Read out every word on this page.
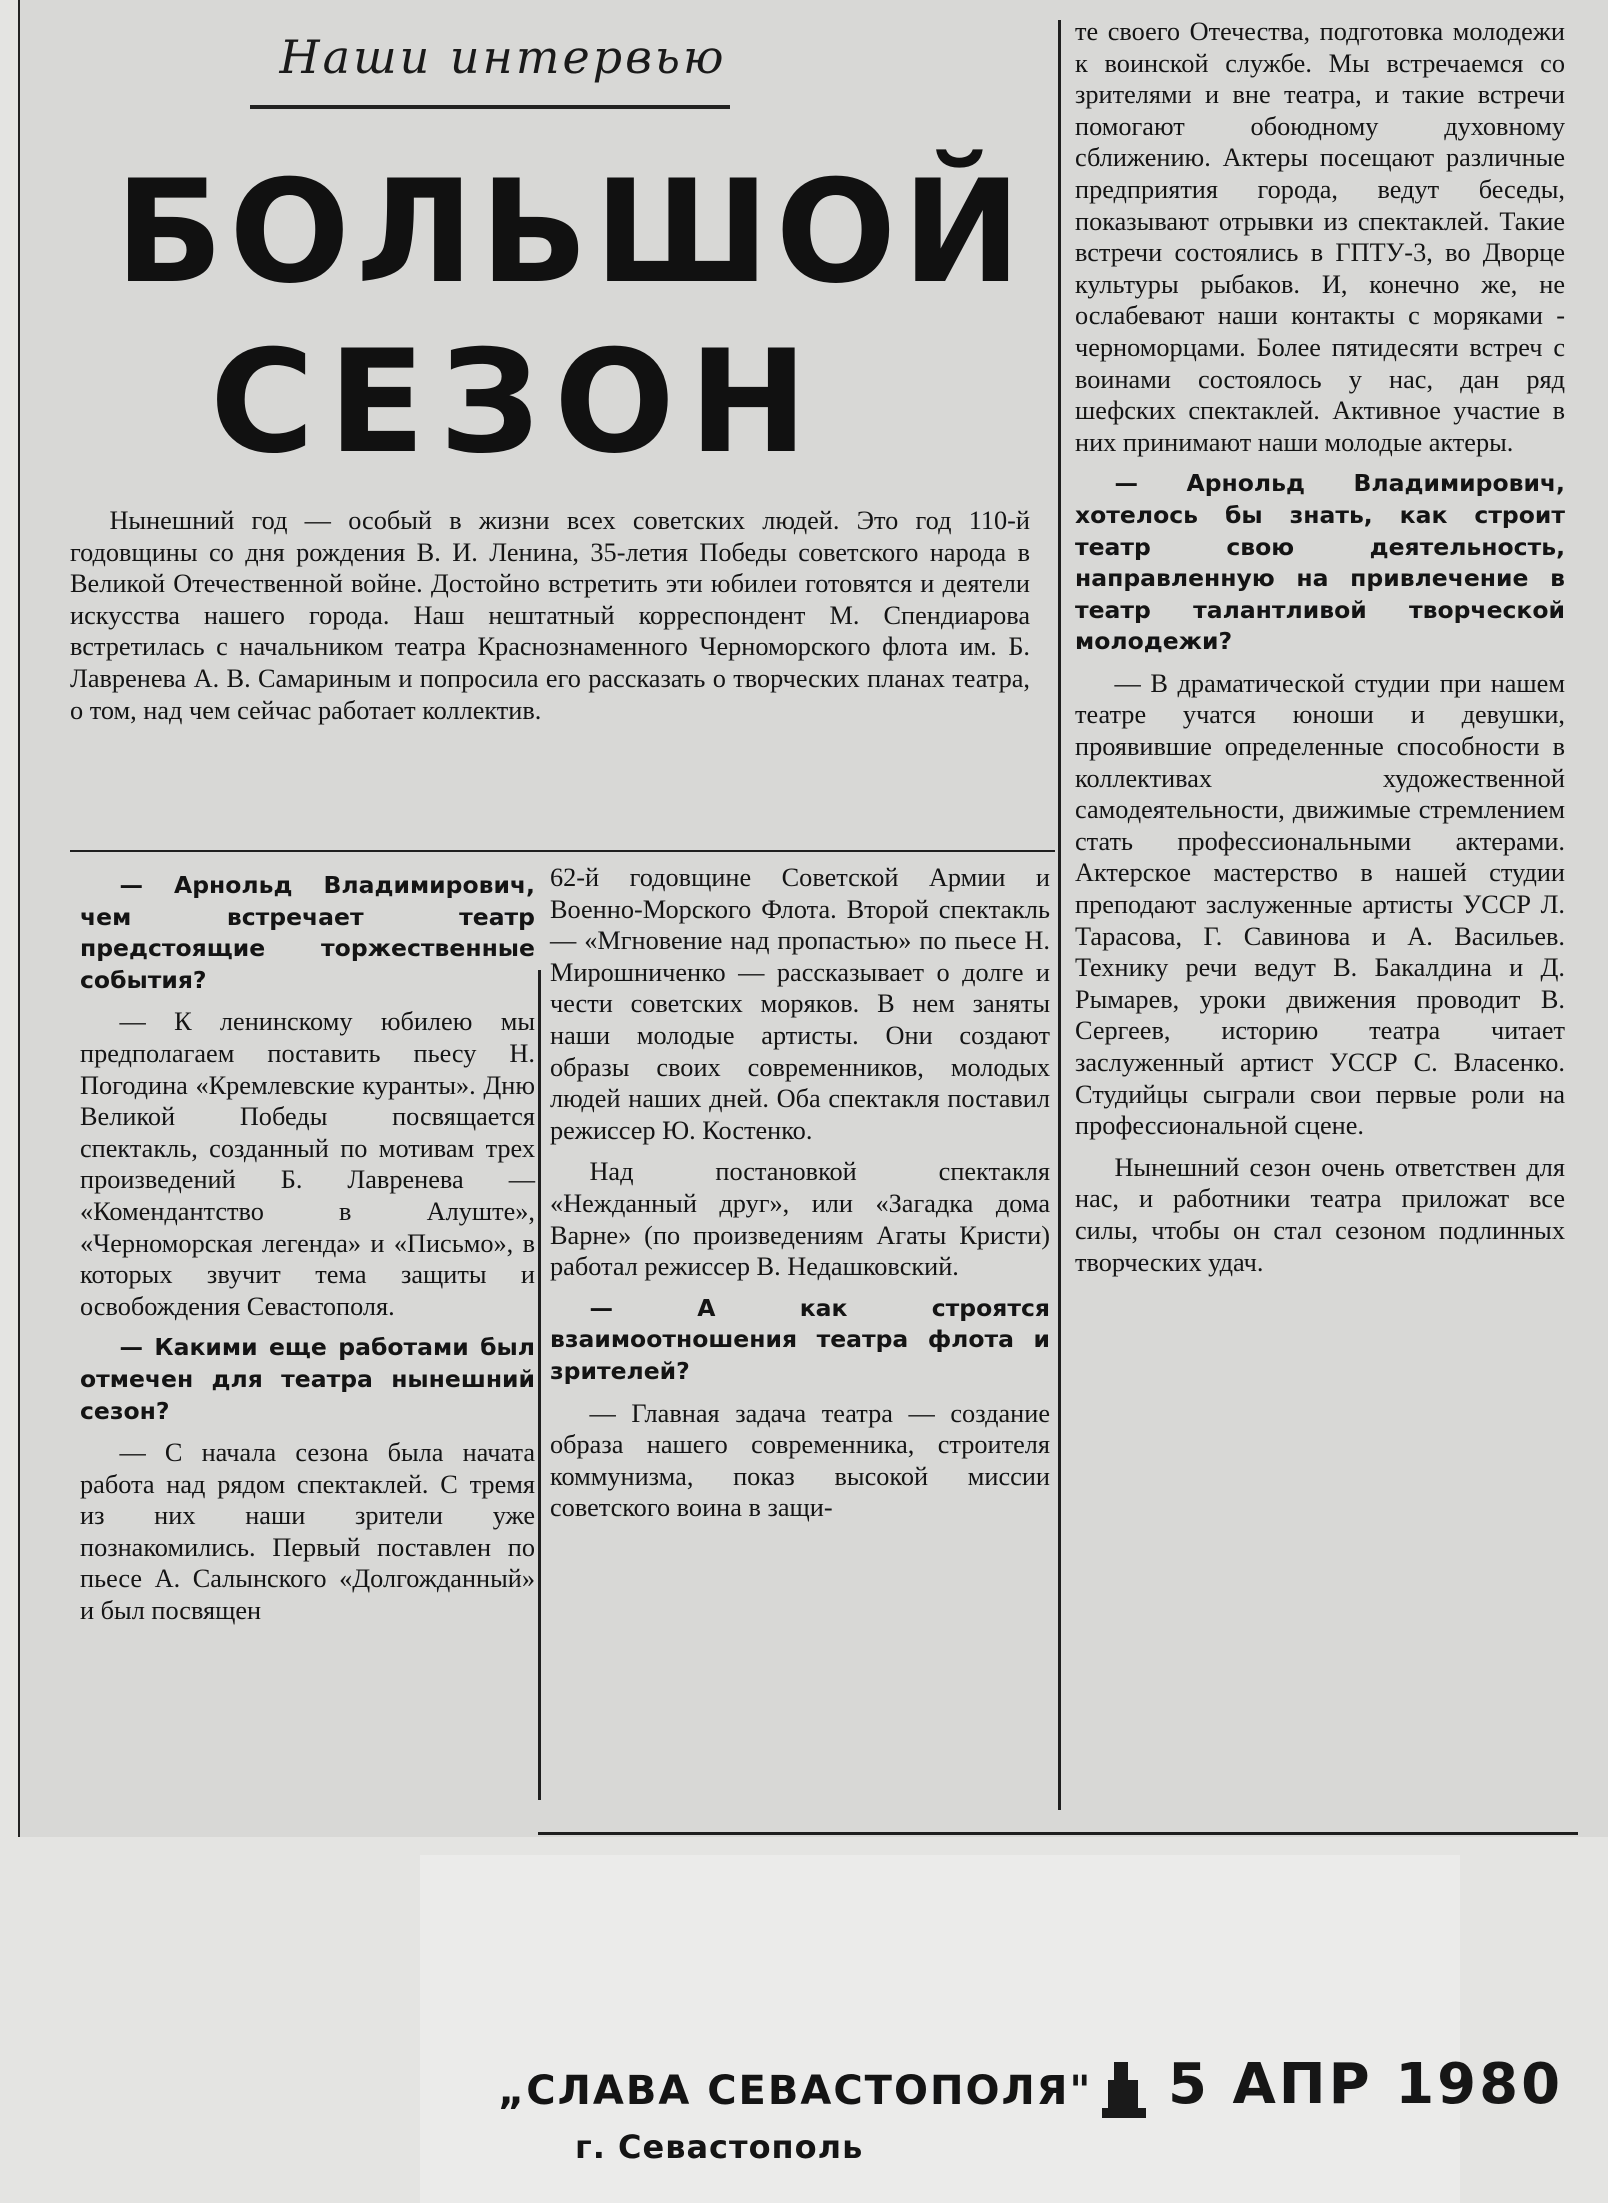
Наши интервью
БОЛЬШОЙ
СЕЗОН

Нынешний год — особый в жизни всех советских людей. Это год 110-й годовщины со дня рождения В. И. Ленина, 35-летия Победы советского народа в Великой Отечественной войне. Достойно встретить эти юбилеи готовятся и деятели искусства нашего города. Наш нештатный корреспондент М. Спендиарова встретилась с начальником театра Краснознаменного Черноморского флота им. Б. Лавренева А. В. Самариным и попросила его рассказать о творческих планах театра, о том, над чем сейчас работает коллектив.

— Арнольд Владимирович, чем встречает театр предстоящие торжественные события?

— К ленинскому юбилею мы предполагаем поставить пьесу Н. Погодина «Кремлевские куранты». Дню Великой Победы посвящается спектакль, созданный по мотивам трех произведений Б. Лавренева — «Комендантство в Алуште», «Черноморская легенда» и «Письмо», в которых звучит тема защиты и освобождения Севастополя.

— Какими еще работами был отмечен для театра нынешний сезон?

— С начала сезона была начата работа над рядом спектаклей. С тремя из них наши зрители уже познакомились. Первый поставлен по пьесе А. Салынского «Долгожданный» и был посвящен

62-й годовщине Советской Армии и Военно-Морского Флота. Второй спектакль — «Мгновение над пропастью» по пьесе Н. Мирошниченко — рассказывает о долге и чести советских моряков. В нем заняты наши молодые артисты. Они создают образы своих современников, молодых людей наших дней. Оба спектакля поставил режиссер Ю. Костенко.

Над постановкой спектакля «Нежданный друг», или «Загадка дома Варне» (по произведениям Агаты Кристи) работал режиссер В. Недашковский.

— А как строятся взаимоотношения театра флота и зрителей?

— Главная задача театра — создание образа нашего современника, строителя коммунизма, показ высокой миссии советского воина в защи-

те своего Отечества, подготовка молодежи к воинской службе. Мы встречаемся со зрителями и вне театра, и такие встречи помогают обоюдному духовному сближению. Актеры посещают различные предприятия города, ведут беседы, показывают отрывки из спектаклей. Такие встречи состоялись в ГПТУ-3, во Дворце культуры рыбаков. И, конечно же, не ослабевают наши контакты с моряками - черноморцами. Более пятидесяти встреч с воинами состоялось у нас, дан ряд шефских спектаклей. Активное участие в них принимают наши молодые актеры.

— Арнольд Владимирович, хотелось бы знать, как строит театр свою деятельность, направленную на привлечение в театр талантливой творческой молодежи?

— В драматической студии при нашем театре учатся юноши и девушки, проявившие определенные способности в коллективах художественной самодеятельности, движимые стремлением стать профессиональными актерами. Актерское мастерство в нашей студии преподают заслуженные артисты УССР Л. Тарасова, Г. Савинова и А. Васильев. Технику речи ведут В. Бакалдина и Д. Рымарев, уроки движения проводит В. Сергеев, историю театра читает заслуженный артист УССР С. Власенко. Студийцы сыграли свои первые роли на профессиональной сцене.

Нынешний сезон очень ответствен для нас, и работники театра приложат все силы, чтобы он стал сезоном подлинных творческих удач.

„СЛАВА СЕВАСТОПОЛЯ"
г. Севастополь
5 АПР 1980
